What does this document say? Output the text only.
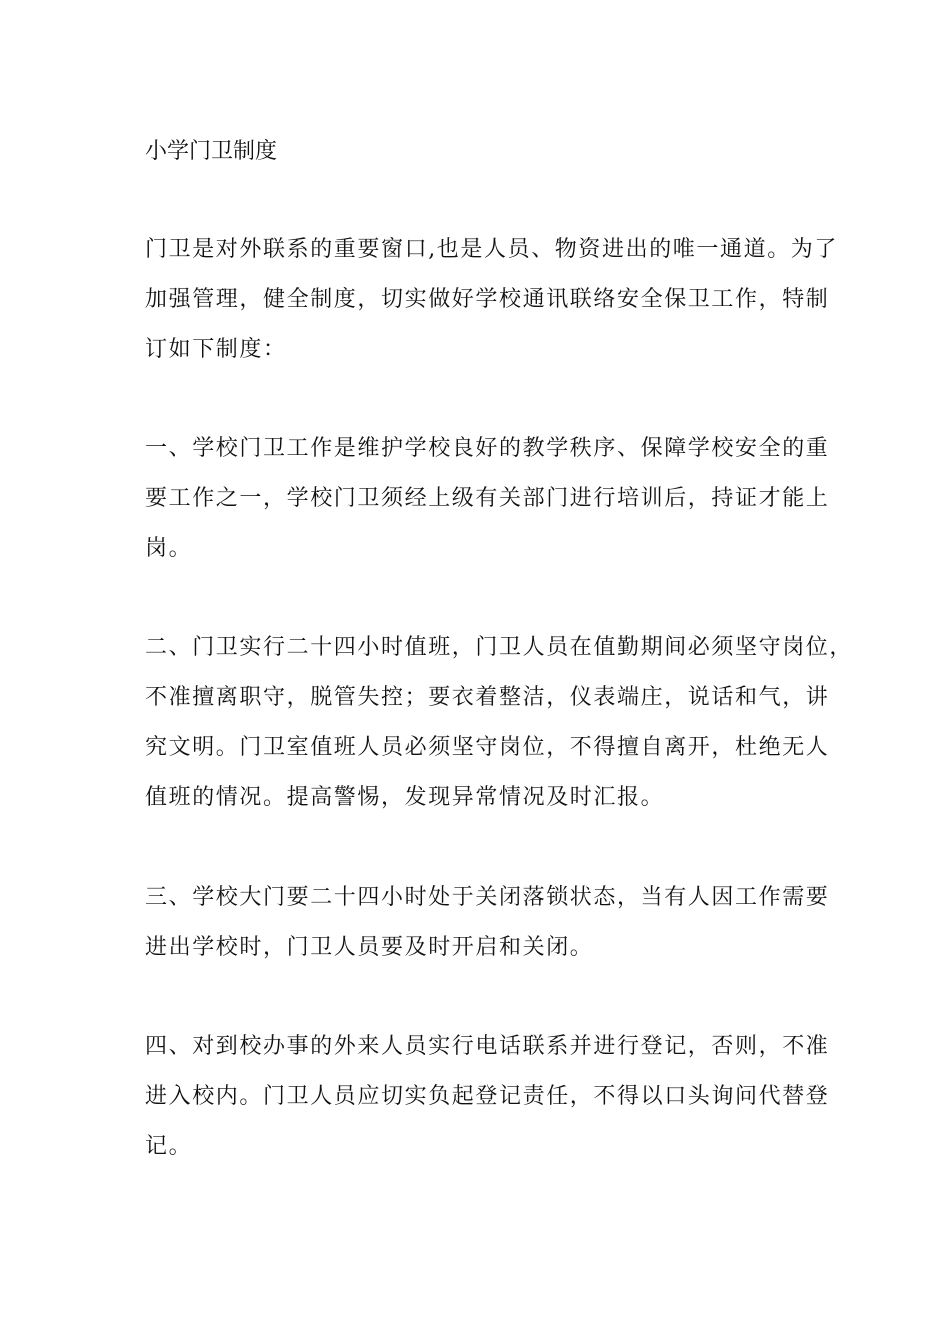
小学门卫制度
门卫是对外联系的重要窗口,也是人员、物资进出的唯一通道。为了
加强管理，健全制度，切实做好学校通讯联络安全保卫工作，特制
订如下制度：
一、学校门卫工作是维护学校良好的教学秩序、保障学校安全的重
要工作之一，学校门卫须经上级有关部门进行培训后，持证才能上
岗。
二、门卫实行二十四小时值班，门卫人员在值勤期间必须坚守岗位，
不准擅离职守，脱管失控；要衣着整洁，仪表端庄，说话和气，讲
究文明。门卫室值班人员必须坚守岗位，不得擅自离开，杜绝无人
值班的情况。提高警惕，发现异常情况及时汇报。
三、学校大门要二十四小时处于关闭落锁状态，当有人因工作需要
进出学校时，门卫人员要及时开启和关闭。
四、对到校办事的外来人员实行电话联系并进行登记，否则，不准
进入校内。门卫人员应切实负起登记责任，不得以口头询问代替登
记。
